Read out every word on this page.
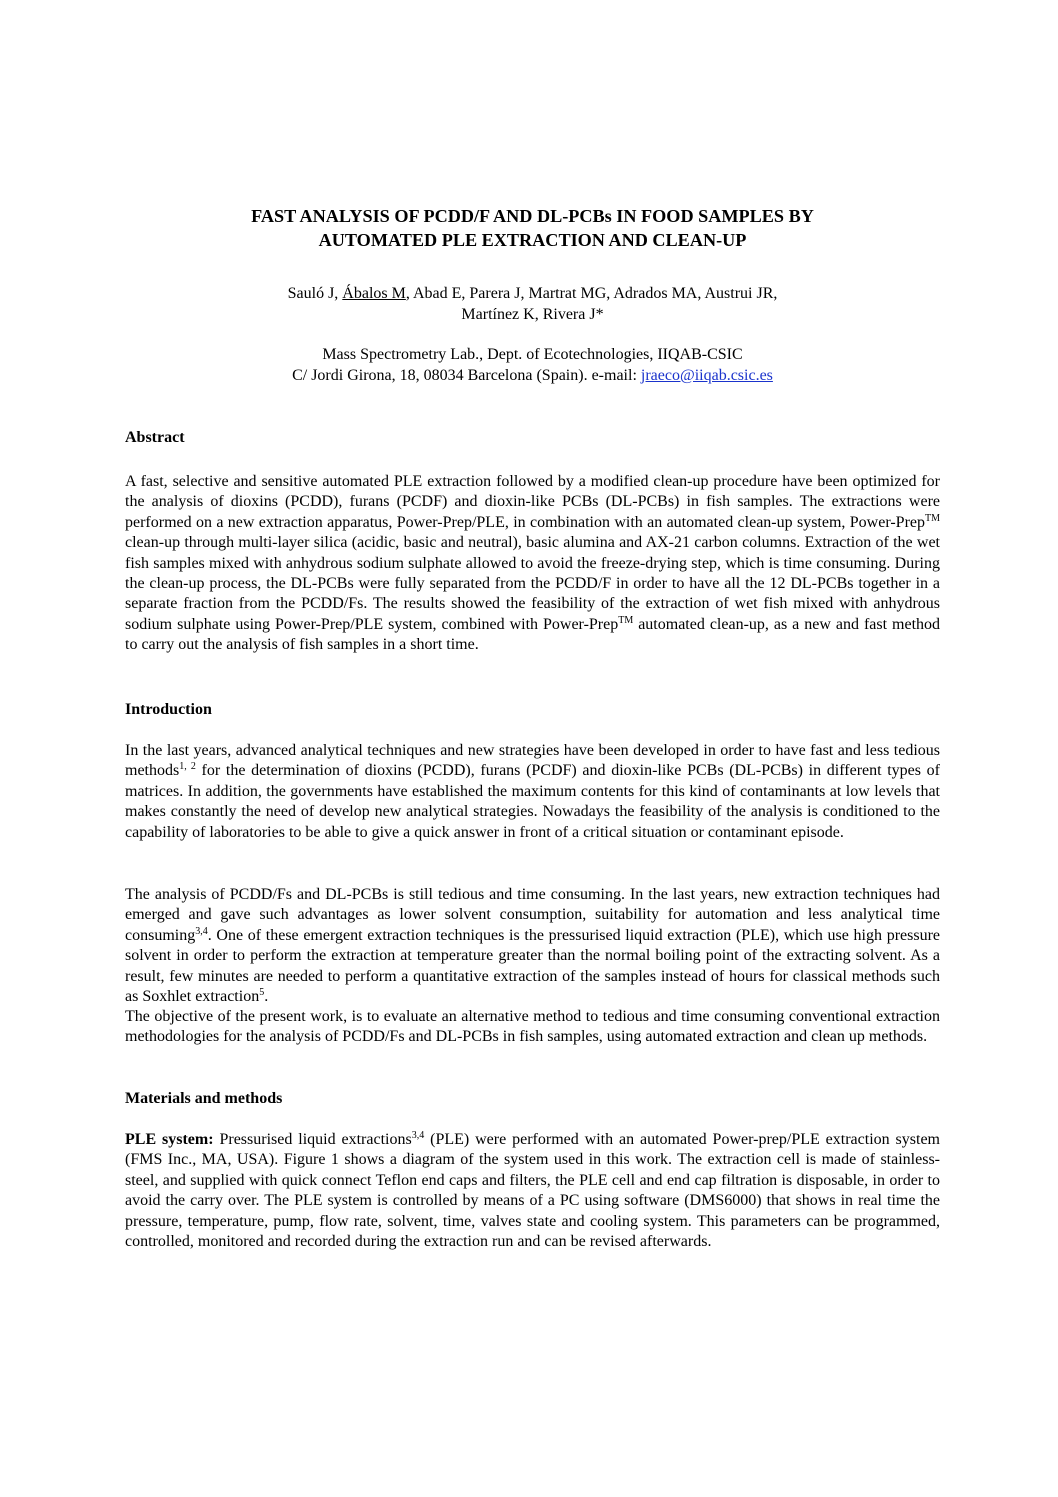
FAST ANALYSIS OF PCDD/F AND DL-PCBs IN FOOD SAMPLES BY
AUTOMATED PLE EXTRACTION AND CLEAN-UP
Sauló J, Ábalos M, Abad E, Parera J, Martrat MG, Adrados MA, Austrui JR,
Martínez K, Rivera J*
Mass Spectrometry Lab., Dept. of Ecotechnologies, IIQAB-CSIC
C/ Jordi Girona, 18, 08034 Barcelona (Spain). e-mail: jraeco@iiqab.csic.es
Abstract

A fast, selective and sensitive automated PLE extraction followed by a modified clean-up procedure have been optimized for the analysis of dioxins (PCDD), furans (PCDF) and dioxin-like PCBs (DL-PCBs) in fish samples. The extractions were performed on a new extraction apparatus, Power-Prep/PLE, in combination with an automated clean-up system, Power-Prep™ clean-up through multi-layer silica (acidic, basic and neutral), basic alumina and AX-21 carbon columns. Extraction of the wet fish samples mixed with anhydrous sodium sulphate allowed to avoid the freeze-drying step, which is time consuming. During the clean-up process, the DL-PCBs were fully separated from the PCDD/F in order to have all the 12 DL-PCBs together in a separate fraction from the PCDD/Fs. The results showed the feasibility of the extraction of wet fish mixed with anhydrous sodium sulphate using Power-Prep/PLE system, combined with Power-Prep™ automated clean-up, as a new and fast method to carry out the analysis of fish samples in a short time.

Introduction

In the last years, advanced analytical techniques and new strategies have been developed in order to have fast and less tedious methods$^{1, 2}$ for the determination of dioxins (PCDD), furans (PCDF) and dioxin-like PCBs (DL-PCBs) in different types of matrices. In addition, the governments have established the maximum contents for this kind of contaminants at low levels that makes constantly the need of develop new analytical strategies. Nowadays the feasibility of the analysis is conditioned to the capability of laboratories to be able to give a quick answer in front of a critical situation or contaminant episode.

The analysis of PCDD/Fs and DL-PCBs is still tedious and time consuming. In the last years, new extraction techniques had emerged and gave such advantages as lower solvent consumption, suitability for automation and less analytical time consuming$^{3,4}$. One of these emergent extraction techniques is the pressurised liquid extraction (PLE), which use high pressure solvent in order to perform the extraction at temperature greater than the normal boiling point of the extracting solvent. As a result, few minutes are needed to perform a quantitative extraction of the samples instead of hours for classical methods such as Soxhlet extraction$^5$.

The objective of the present work, is to evaluate an alternative method to tedious and time consuming conventional extraction methodologies for the analysis of PCDD/Fs and DL-PCBs in fish samples, using automated extraction and clean up methods.

Materials and methods

PLE system: Pressurised liquid extractions$^{3,4}$ (PLE) were performed with an automated Power-prep/PLE extraction system (FMS Inc., MA, USA). Figure 1 shows a diagram of the system used in this work. The extraction cell is made of stainless-steel, and supplied with quick connect Teflon end caps and filters, the PLE cell and end cap filtration is disposable, in order to avoid the carry over. The PLE system is controlled by means of a PC using software (DMS6000) that shows in real time the pressure, temperature, pump, flow rate, solvent, time, valves state and cooling system. This parameters can be programmed, controlled, monitored and recorded during the extraction run and can be revised afterwards.
